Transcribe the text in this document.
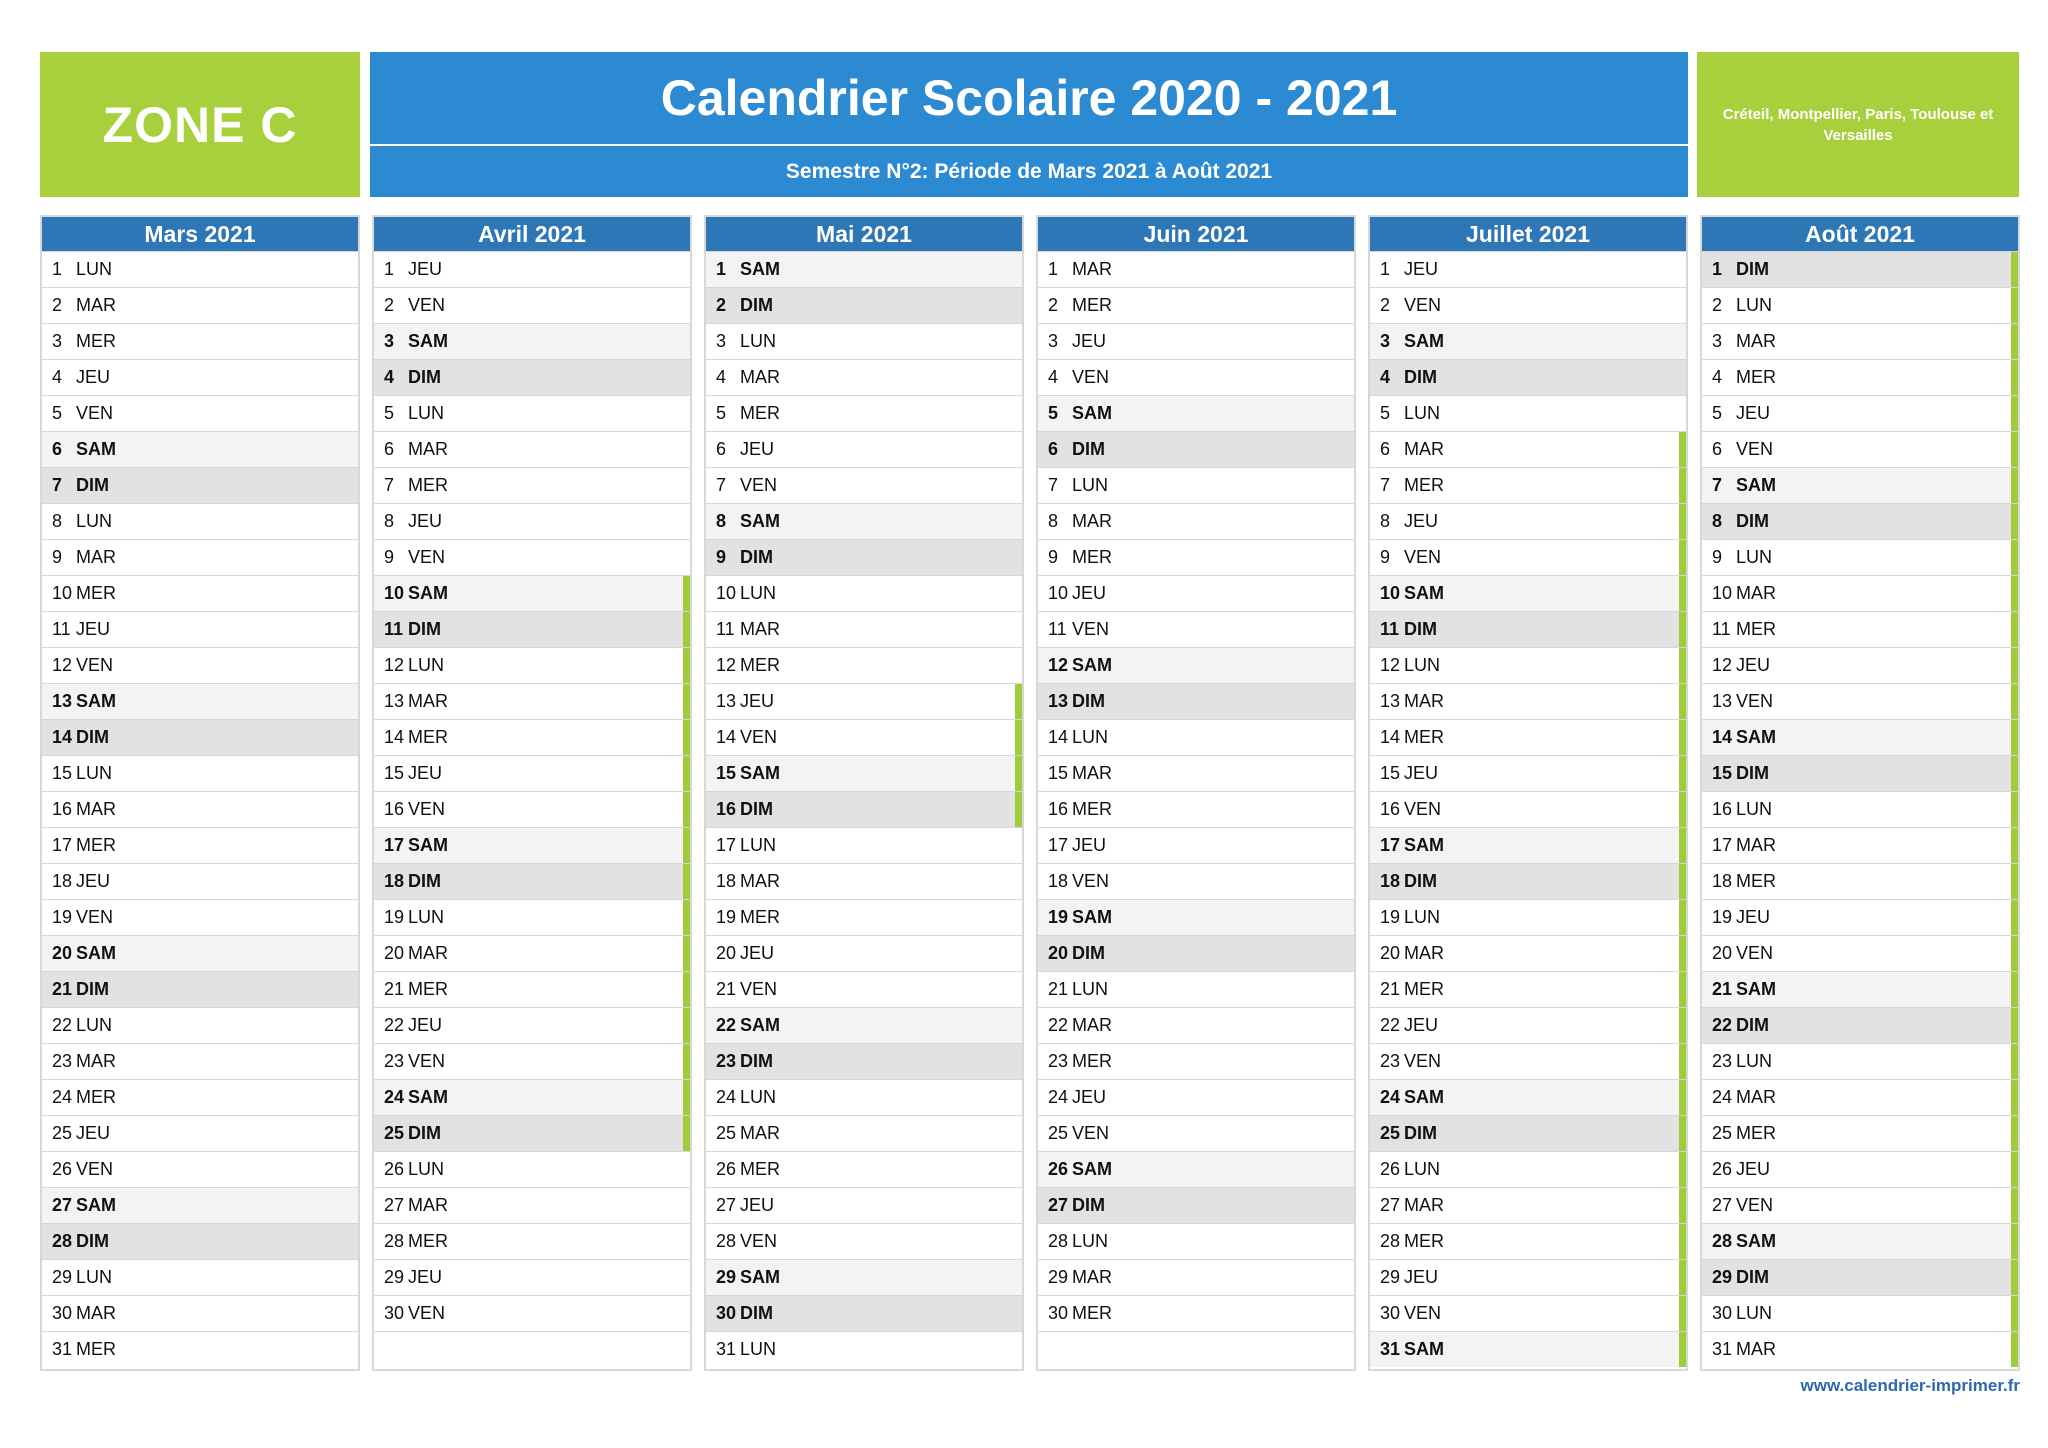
ZONE C	Calendrier Scolaire 2020 - 2021
Semestre N°2: Période de Mars 2021 à Août 2021
Créteil, Montpellier, Paris, Toulouse et Versailles
Mars 2021
1 LUN
2 MAR
3 MER
4 JEU
5 VEN
6 SAM
7 DIM
8 LUN
9 MAR
10 MER
11 JEU
12 VEN
13 SAM
14 DIM
15 LUN
16 MAR
17 MER
18 JEU
19 VEN
20 SAM
21 DIM
22 LUN
23 MAR
24 MER
25 JEU
26 VEN
27 SAM
28 DIM
29 LUN
30 MAR
31 MER
Avril 2021
1 JEU
2 VEN
3 SAM
4 DIM
5 LUN
6 MAR
7 MER
8 JEU
9 VEN
10 SAM
11 DIM
12 LUN
13 MAR
14 MER
15 JEU
16 VEN
17 SAM
18 DIM
19 LUN
20 MAR
21 MER
22 JEU
23 VEN
24 SAM
25 DIM
26 LUN
27 MAR
28 MER
29 JEU
30 VEN
Mai 2021
1 SAM
2 DIM
3 LUN
4 MAR
5 MER
6 JEU
7 VEN
8 SAM
9 DIM
10 LUN
11 MAR
12 MER
13 JEU
14 VEN
15 SAM
16 DIM
17 LUN
18 MAR
19 MER
20 JEU
21 VEN
22 SAM
23 DIM
24 LUN
25 MAR
26 MER
27 JEU
28 VEN
29 SAM
30 DIM
31 LUN
Juin 2021
1 MAR
2 MER
3 JEU
4 VEN
5 SAM
6 DIM
7 LUN
8 MAR
9 MER
10 JEU
11 VEN
12 SAM
13 DIM
14 LUN
15 MAR
16 MER
17 JEU
18 VEN
19 SAM
20 DIM
21 LUN
22 MAR
23 MER
24 JEU
25 VEN
26 SAM
27 DIM
28 LUN
29 MAR
30 MER
Juillet 2021
1 JEU
2 VEN
3 SAM
4 DIM
5 LUN
6 MAR
7 MER
8 JEU
9 VEN
10 SAM
11 DIM
12 LUN
13 MAR
14 MER
15 JEU
16 VEN
17 SAM
18 DIM
19 LUN
20 MAR
21 MER
22 JEU
23 VEN
24 SAM
25 DIM
26 LUN
27 MAR
28 MER
29 JEU
30 VEN
31 SAM
Août 2021
1 DIM
2 LUN
3 MAR
4 MER
5 JEU
6 VEN
7 SAM
8 DIM
9 LUN
10 MAR
11 MER
12 JEU
13 VEN
14 SAM
15 DIM
16 LUN
17 MAR
18 MER
19 JEU
20 VEN
21 SAM
22 DIM
23 LUN
24 MAR
25 MER
26 JEU
27 VEN
28 SAM
29 DIM
30 LUN
31 MAR
www.calendrier-imprimer.fr
